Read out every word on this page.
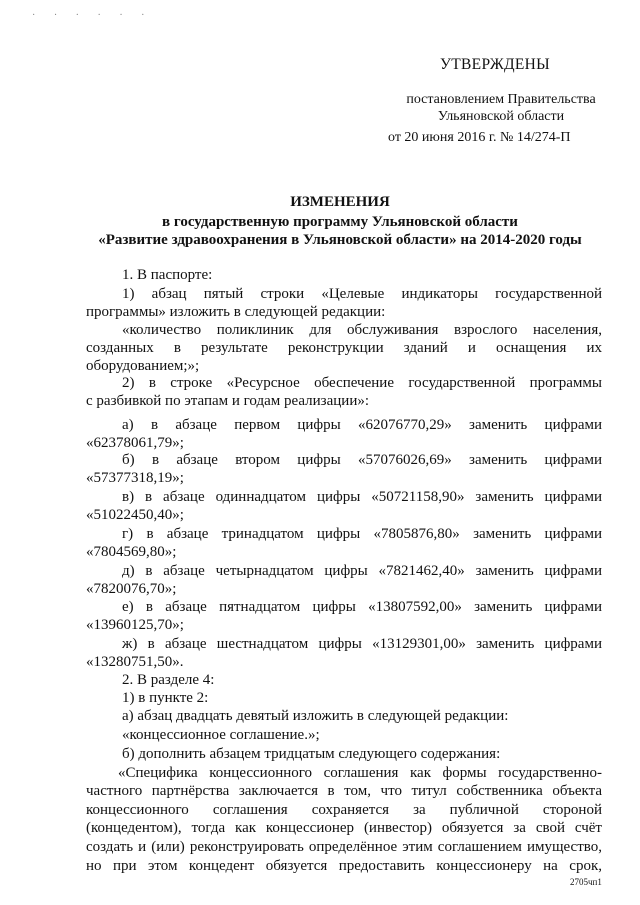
· · · · · ·
УТВЕРЖДЕНЫ
постановлением Правительства
Ульяновской области
от 20 июня 2016 г. № 14/274-П
ИЗМЕНЕНИЯ
в государственную программу Ульяновской области
«Развитие здравоохранения в Ульяновской области» на 2014-2020 годы

1. В паспорте:

1) абзац пятый строки «Целевые индикаторы государственной

программы» изложить в следующей редакции:

«количество поликлиник для обслуживания взрослого населения,

созданных в результате реконструкции зданий и оснащения их

оборудованием;»;

2) в строке «Ресурсное обеспечение государственной программы

с разбивкой по этапам и годам реализации»:

а) в абзаце первом цифры «62076770,29» заменить цифрами

«62378061,79»;

б) в абзаце втором цифры «57076026,69» заменить цифрами

«57377318,19»;

в) в абзаце одиннадцатом цифры «50721158,90» заменить цифрами

«51022450,40»;

г) в абзаце тринадцатом цифры «7805876,80» заменить цифрами

«7804569,80»;

д) в абзаце четырнадцатом цифры «7821462,40» заменить цифрами

«7820076,70»;

е) в абзаце пятнадцатом цифры «13807592,00» заменить цифрами

«13960125,70»;

ж) в абзаце шестнадцатом цифры «13129301,00» заменить цифрами

«13280751,50».

2. В разделе 4:

1) в пункте 2:

а) абзац двадцать девятый изложить в следующей редакции:

«концессионное соглашение.»;

б) дополнить абзацем тридцатым следующего содержания:

«Специфика концессионного соглашения как формы государственно-

частного партнёрства заключается в том, что титул собственника объекта

концессионного соглашения сохраняется за публичной стороной

(концедентом), тогда как концессионер (инвестор) обязуется за свой счёт

создать и (или) реконструировать определённое этим соглашением имущество,

но при этом концедент обязуется предоставить концессионеру на срок,

2705чп1
